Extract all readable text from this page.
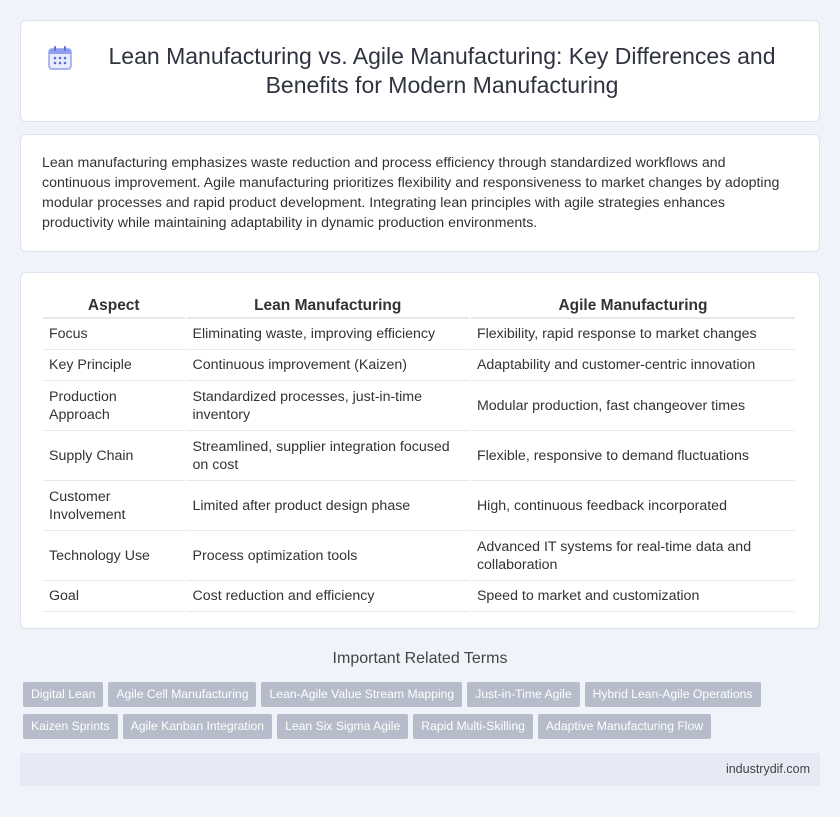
Lean Manufacturing vs. Agile Manufacturing: Key Differences and Benefits for Modern Manufacturing

Lean manufacturing emphasizes waste reduction and process efficiency through standardized workflows and continuous improvement. Agile manufacturing prioritizes flexibility and responsiveness to market changes by adopting modular processes and rapid product development. Integrating lean principles with agile strategies enhances productivity while maintaining adaptability in dynamic production environments.

Aspect	Lean Manufacturing	Agile Manufacturing
Focus	Eliminating waste, improving efficiency	Flexibility, rapid response to market changes
Key Principle	Continuous improvement (Kaizen)	Adaptability and customer-centric innovation
Production Approach	Standardized processes, just-in-time inventory	Modular production, fast changeover times
Supply Chain	Streamlined, supplier integration focused on cost	Flexible, responsive to demand fluctuations
Customer Involvement	Limited after product design phase	High, continuous feedback incorporated
Technology Use	Process optimization tools	Advanced IT systems for real-time data and collaboration
Goal	Cost reduction and efficiency	Speed to market and customization
Important Related Terms
Digital Lean Agile Cell Manufacturing Lean-Agile Value Stream Mapping Just-in-Time Agile Hybrid Lean-Agile Operations
Kaizen Sprints Agile Kanban Integration Lean Six Sigma Agile Rapid Multi-Skilling Adaptive Manufacturing Flow
industrydif.com
